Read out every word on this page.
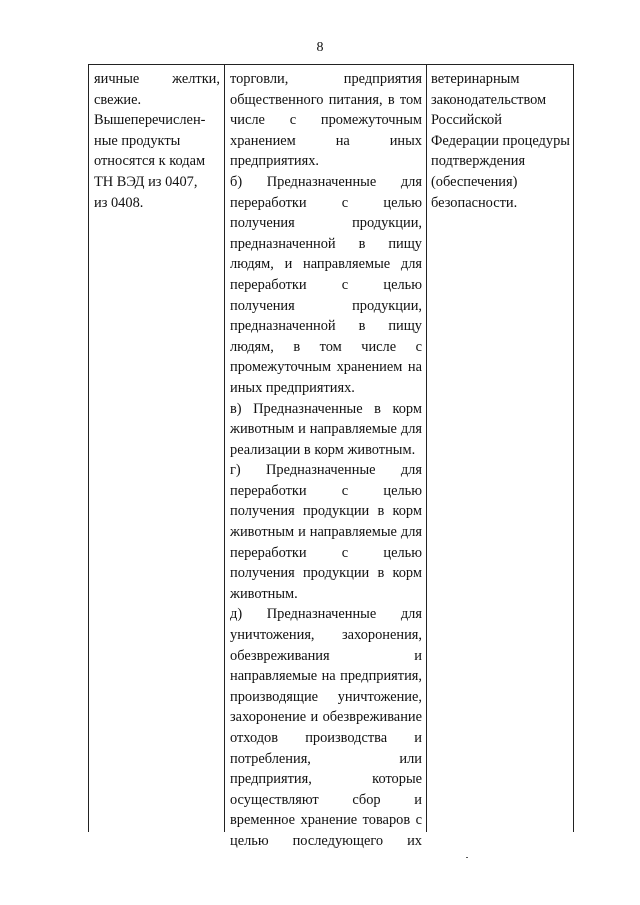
8
яичные желтки,
свежие.
Вышеперечислен-
ные продукты
относятся к кодам
ТН ВЭД из 0407,
из 0408.
торговли, предприятия
общественного питания, в том
числе с промежуточным
хранением на иных
предприятиях.
б) Предназначенные для
переработки с целью
получения продукции,
предназначенной в пищу
людям, и направляемые для
переработки с целью
получения продукции,
предназначенной в пищу
людям, в том числе с
промежуточным хранением на
иных предприятиях.
в) Предназначенные в корм
животным и направляемые для
реализации в корм животным.
г) Предназначенные для
переработки с целью
получения продукции в корм
животным и направляемые для
переработки с целью
получения продукции в корм
животным.
д) Предназначенные для
уничтожения, захоронения,
обезвреживания и
направляемые на предприятия,
производящие уничтожение,
захоронение и обезвреживание
отходов производства и
потребления, или
предприятия, которые
осуществляют сбор и
временное хранение товаров с
целью последующего их
ветеринарным
законодательством
Российской
Федерации процедуры
подтверждения
(обеспечения)
безопасности.
